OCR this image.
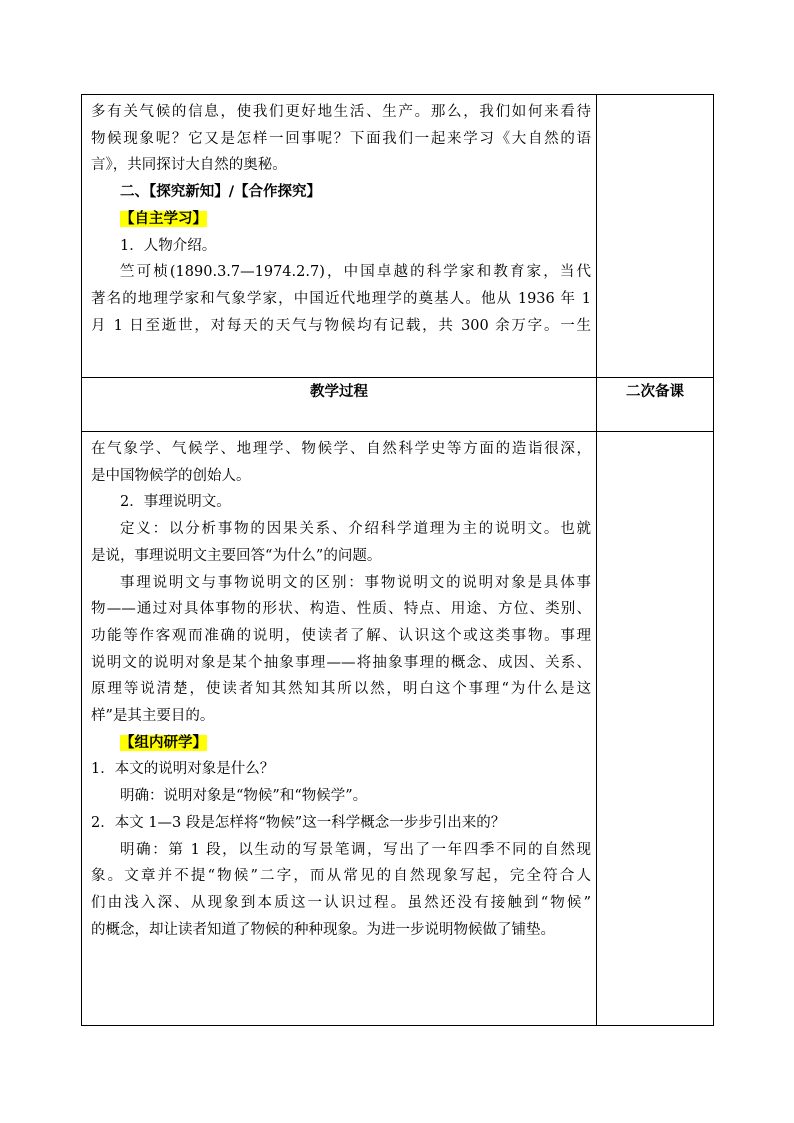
多有关气候的信息，使我们更好地生活、生产。那么，我们如何来看待

物候现象呢？它又是怎样一回事呢？下面我们一起来学习《大自然的语

言》，共同探讨大自然的奥秘。

二、【探究新知】/【合作探究】

【自主学习】

1．人物介绍。

竺可桢(1890.3.7—1974.2.7)，中国卓越的科学家和教育家，当代

著名的地理学家和气象学家，中国近代地理学的奠基人。他从 1936 年 1

月 1 日至逝世，对每天的天气与物候均有记载，共 300 余万字。一生

教学过程	二次备课

在气象学、气候学、地理学、物候学、自然科学史等方面的造诣很深，

是中国物候学的创始人。

2．事理说明文。

定义：以分析事物的因果关系、介绍科学道理为主的说明文。也就

是说，事理说明文主要回答“为什么”的问题。

事理说明文与事物说明文的区别：事物说明文的说明对象是具体事

物——通过对具体事物的形状、构造、性质、特点、用途、方位、类别、

功能等作客观而准确的说明，使读者了解、认识这个或这类事物。事理

说明文的说明对象是某个抽象事理——将抽象事理的概念、成因、关系、

原理等说清楚，使读者知其然知其所以然，明白这个事理“为什么是这

样”是其主要目的。

【组内研学】

1．本文的说明对象是什么？

明确：说明对象是“物候”和“物候学”。

2．本文 1—3 段是怎样将“物候”这一科学概念一步步引出来的？

明确：第 1 段，以生动的写景笔调，写出了一年四季不同的自然现

象。文章并不提“物候”二字，而从常见的自然现象写起，完全符合人

们由浅入深、从现象到本质这一认识过程。虽然还没有接触到“物候”

的概念，却让读者知道了物候的种种现象。为进一步说明物候做了铺垫。
